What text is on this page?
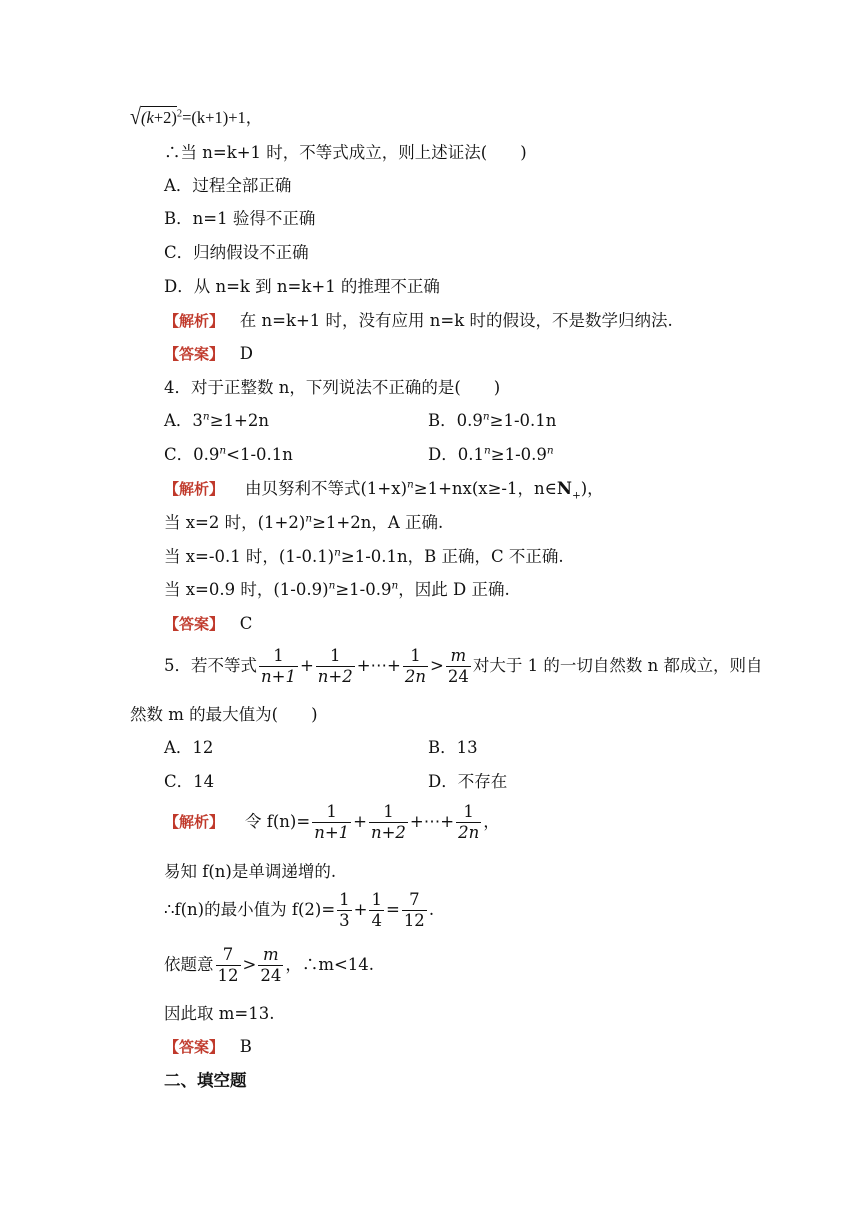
$√(k+2)^2=(k+1)+1$，
∴当 n=k+1 时，不等式成立，则上述证法(　　)
A．过程全部正确
B．n=1 验得不正确
C．归纳假设不正确
D．从 n=k 到 n=k+1 的推理不正确
【解析】 在 n=k+1 时，没有应用 n=k 时的假设，不是数学归纳法.
【答案】 D
4．对于正整数 n，下列说法不正确的是(　　)
A．$3^n\ge 1+2n$	B．$0.9^n\ge 1-0.1n$
C．$0.9^n<1-0.1n$	D．$0.1^n\ge 1-0.9^n$
【解析】 由贝努利不等式$(1+x)^n\ge 1+nx(x\ge-1$，$n\in N_+$)，
当 x=2 时，$(1+2)^n\ge 1+2n$，A 正确.
当 x=-0.1 时，$(1-0.1)^n\ge 1-0.1n$，B 正确，C 不正确.
当 x=0.9 时，$(1-0.9)^n\ge 1-0.9^n$，因此 D 正确.
【答案】 C
5．若不等式 $\frac{1}{n+1} + \frac{1}{n+2}$ +⋯+ $\frac{1}{2n} > \frac{m}{24}$ 对大于 1 的一切自然数 n 都成立，则自
然数 m 的最大值为(　　)
A．12	B．13
C．14	D．不存在
【解析】 令 $f(n)= \frac{1}{n+1} + \frac{1}{n+2}$ +⋯+ $\frac{1}{2n}$ ，
易知 f(n)是单调递增的.
∴f(n)的最小值为 $f(2)= \frac{1}{3} + \frac{1}{4} = \frac{7}{12}$ .
依题意 $\frac{7}{12} > \frac{m}{24}$ ，∴m<14.
因此取 m=13.
【答案】 B
二、填空题
